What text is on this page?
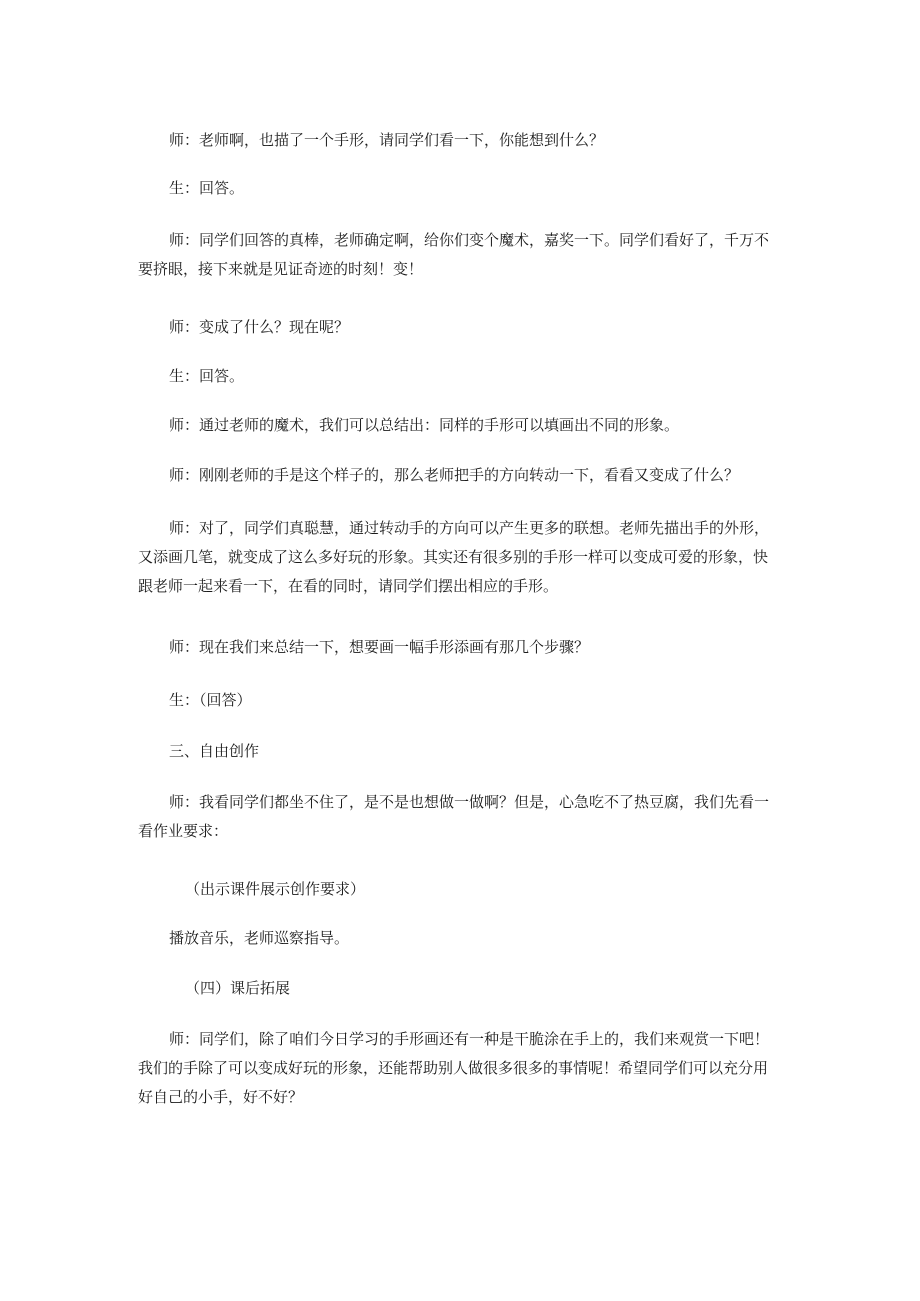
师：老师啊，也描了一个手形，请同学们看一下，你能想到什么？

生：回答。

师：同学们回答的真棒，老师确定啊，给你们变个魔术，嘉奖一下。同学们看好了，千万不
要挤眼，接下来就是见证奇迹的时刻！变！

师：变成了什么？现在呢？

生：回答。

师：通过老师的魔术，我们可以总结出：同样的手形可以填画出不同的形象。

师：刚刚老师的手是这个样子的，那么老师把手的方向转动一下，看看又变成了什么？

师：对了，同学们真聪慧，通过转动手的方向可以产生更多的联想。老师先描出手的外形，
又添画几笔，就变成了这么多好玩的形象。其实还有很多别的手形一样可以变成可爱的形象，快
跟老师一起来看一下，在看的同时，请同学们摆出相应的手形。

师：现在我们来总结一下，想要画一幅手形添画有那几个步骤？

生：（回答）

三、自由创作

师：我看同学们都坐不住了，是不是也想做一做啊？但是，心急吃不了热豆腐，我们先看一
看作业要求：

（出示课件展示创作要求）

播放音乐，老师巡察指导。

（四）课后拓展

师：同学们，除了咱们今日学习的手形画还有一种是干脆涂在手上的，我们来观赏一下吧！
我们的手除了可以变成好玩的形象，还能帮助别人做很多很多的事情呢！希望同学们可以充分用
好自己的小手，好不好？
